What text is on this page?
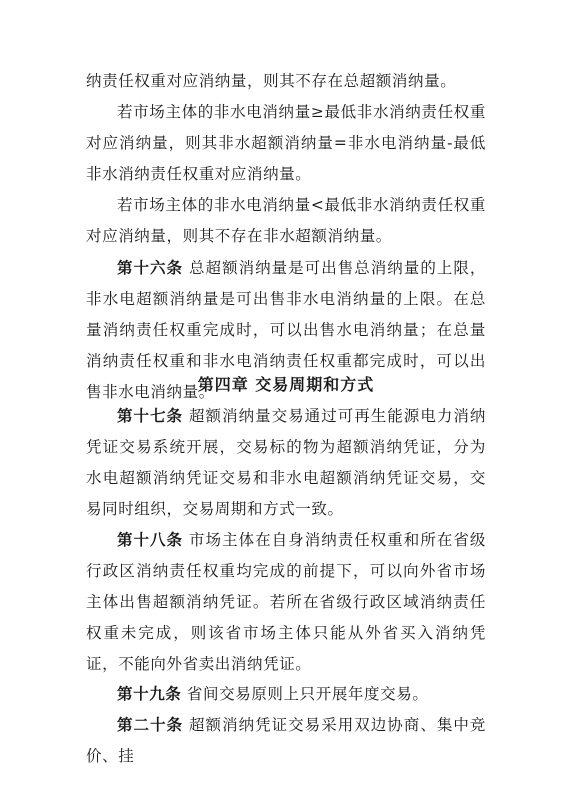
纳责任权重对应消纳量，则其不存在总超额消纳量。

若市场主体的非水电消纳量≥最低非水消纳责任权重对应消纳量，则其非水超额消纳量=非水电消纳量-最低非水消纳责任权重对应消纳量。

若市场主体的非水电消纳量<最低非水消纳责任权重对应消纳量，则其不存在非水超额消纳量。

第十六条 总超额消纳量是可出售总消纳量的上限，非水电超额消纳量是可出售非水电消纳量的上限。在总量消纳责任权重完成时，可以出售水电消纳量；在总量消纳责任权重和非水电消纳责任权重都完成时，可以出售非水电消纳量。

第四章 交易周期和方式

第十七条 超额消纳量交易通过可再生能源电力消纳凭证交易系统开展，交易标的物为超额消纳凭证，分为水电超额消纳凭证交易和非水电超额消纳凭证交易，交易同时组织，交易周期和方式一致。

第十八条 市场主体在自身消纳责任权重和所在省级行政区消纳责任权重均完成的前提下，可以向外省市场主体出售超额消纳凭证。若所在省级行政区域消纳责任权重未完成，则该省市场主体只能从外省买入消纳凭证，不能向外省卖出消纳凭证。

第十九条 省间交易原则上只开展年度交易。

第二十条 超额消纳凭证交易采用双边协商、集中竞价、挂
